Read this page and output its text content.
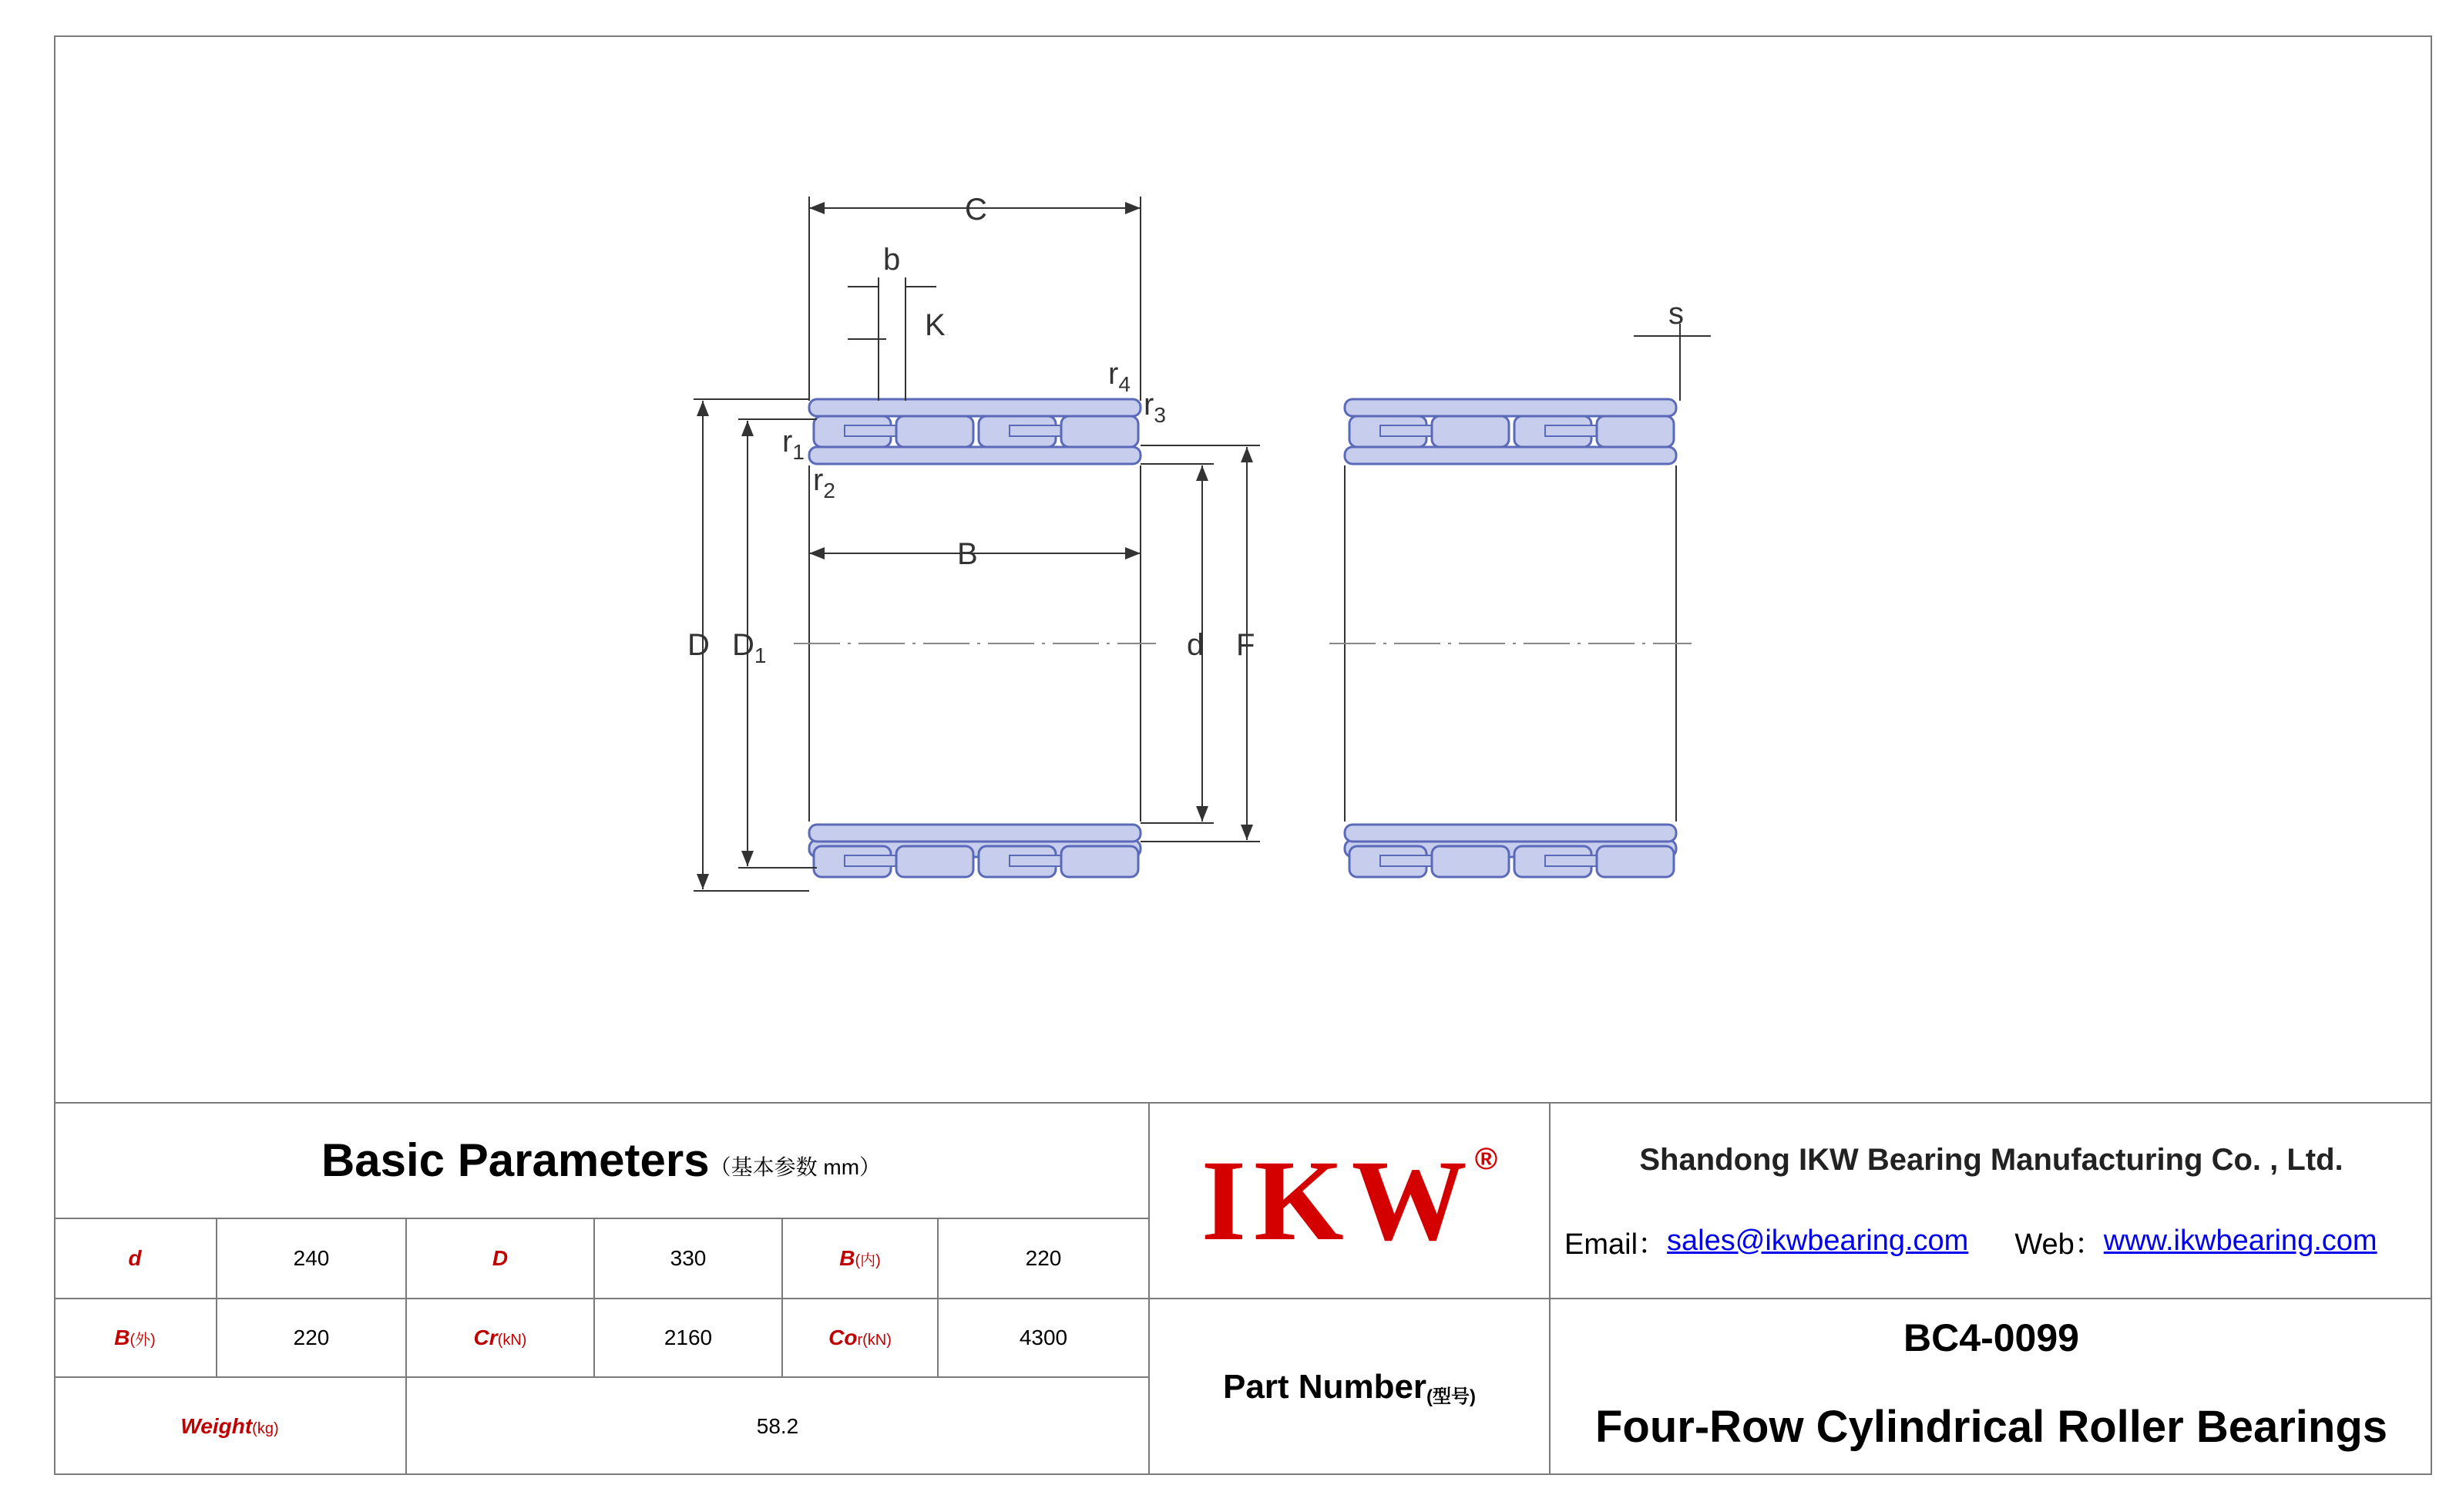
C
b
K	s
$r_4$
$r_3$
$r_1$
$r_2$
B
D $D_1$	d F
Basic Parameters （基本参数 mm）
d	240	D	330	B(内)	220
B(外)	220	Cr(kN)	2160	Cor(kN)	4300
Weight(kg)	58.2
IKW ®
Part Number (型号)
Shandong IKW Bearing Manufacturing Co. , Ltd.
Email： sales@ikwbearing.com Web： www.ikwbearing.com
BC4-0099
Four-Row Cylindrical Roller Bearings
